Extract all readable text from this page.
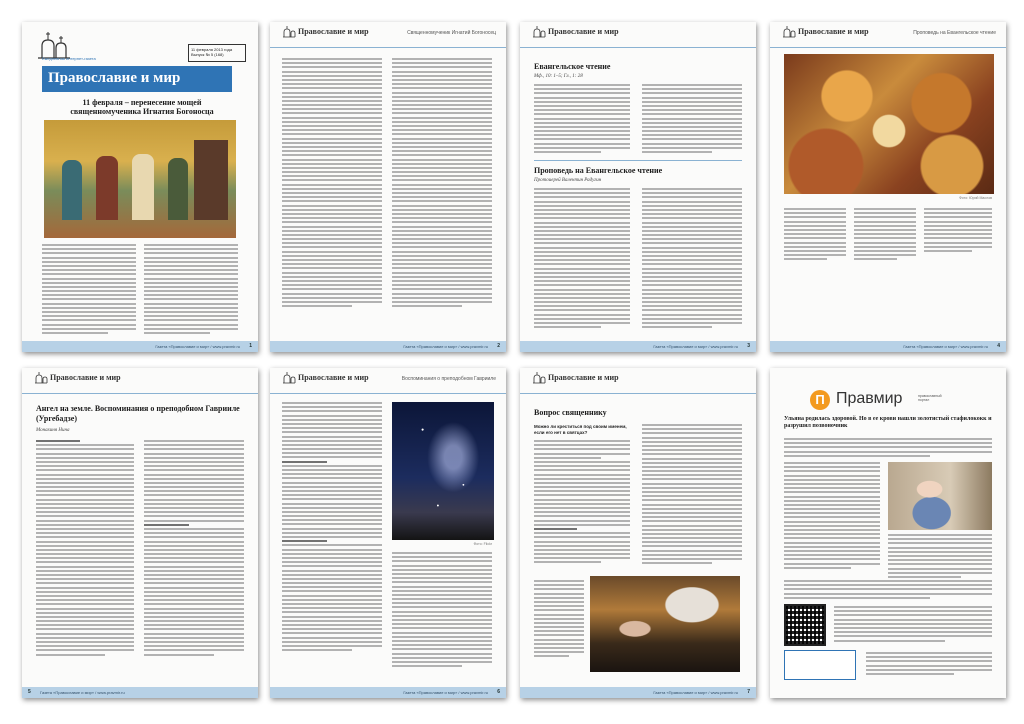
Ежедневная интернет-газета
11 февраля 2013 года
Выпуск № 5 (168)
Православие и мир
11 февраля – перенесение мощей священномученика Игнатия Богоносца
Газета «Православие и мир» / www.pravmir.ru 1
Православие и мир	Священномученик Игнатий Богоносец
Газета «Православие и мир» / www.pravmir.ru 2
Православие и мир
Евангельское чтение
Мф., 10: 1–5; Гл., 1: 28
Проповедь на Евангельское чтение
Протоиерей Валентин Радугин
Газета «Православие и мир» / www.pravmir.ru 3
Православие и мир	Проповедь на Евангельское чтение
Фото: Юрий Маслов
Газета «Православие и мир» / www.pravmir.ru 4
Православие и мир
Ангел на земле. Воспоминания о преподобном Гаврииле (Ургебадзе)
Монахиня Нина
Газета «Православие и мир» / www.pravmir.ru
5
Православие и мир	Воспоминания о преподобном Гаврииле
Фото: Flickr
Газета «Православие и мир» / www.pravmir.ru 6
Православие и мир
Вопрос священнику
Можно ли креститься под своим именем, если его нет в святцах?
Газета «Православие и мир» / www.pravmir.ru 7
П Правмир	православный портал
Ульяна родилась здоровой. Но в ее крови нашли золотистый стафилококк и разрушил позвоночник
